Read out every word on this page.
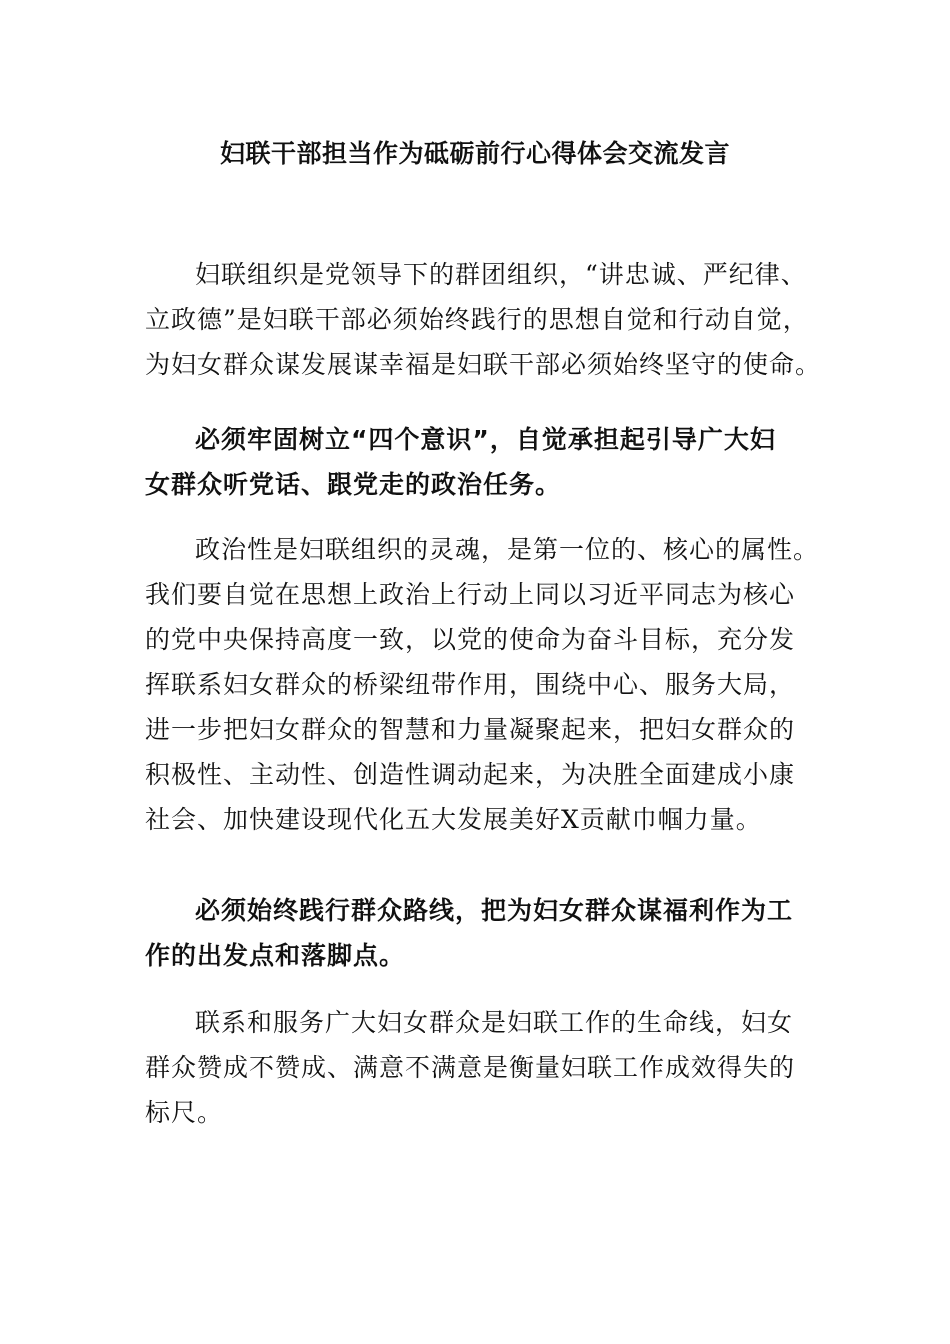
妇联干部担当作为砥砺前行心得体会交流发言

妇联组织是党领导下的群团组织，“讲忠诚、严纪律、
立政德”是妇联干部必须始终践行的思想自觉和行动自觉，
为妇女群众谋发展谋幸福是妇联干部必须始终坚守的使命。

必须牢固树立“四个意识”，自觉承担起引导广大妇
女群众听党话、跟党走的政治任务。

政治性是妇联组织的灵魂，是第一位的、核心的属性。
我们要自觉在思想上政治上行动上同以习近平同志为核心
的党中央保持高度一致，以党的使命为奋斗目标，充分发
挥联系妇女群众的桥梁纽带作用，围绕中心、服务大局，
进一步把妇女群众的智慧和力量凝聚起来，把妇女群众的
积极性、主动性、创造性调动起来，为决胜全面建成小康
社会、加快建设现代化五大发展美好X贡献巾帼力量。

必须始终践行群众路线，把为妇女群众谋福利作为工
作的出发点和落脚点。

联系和服务广大妇女群众是妇联工作的生命线，妇女
群众赞成不赞成、满意不满意是衡量妇联工作成效得失的
标尺。
